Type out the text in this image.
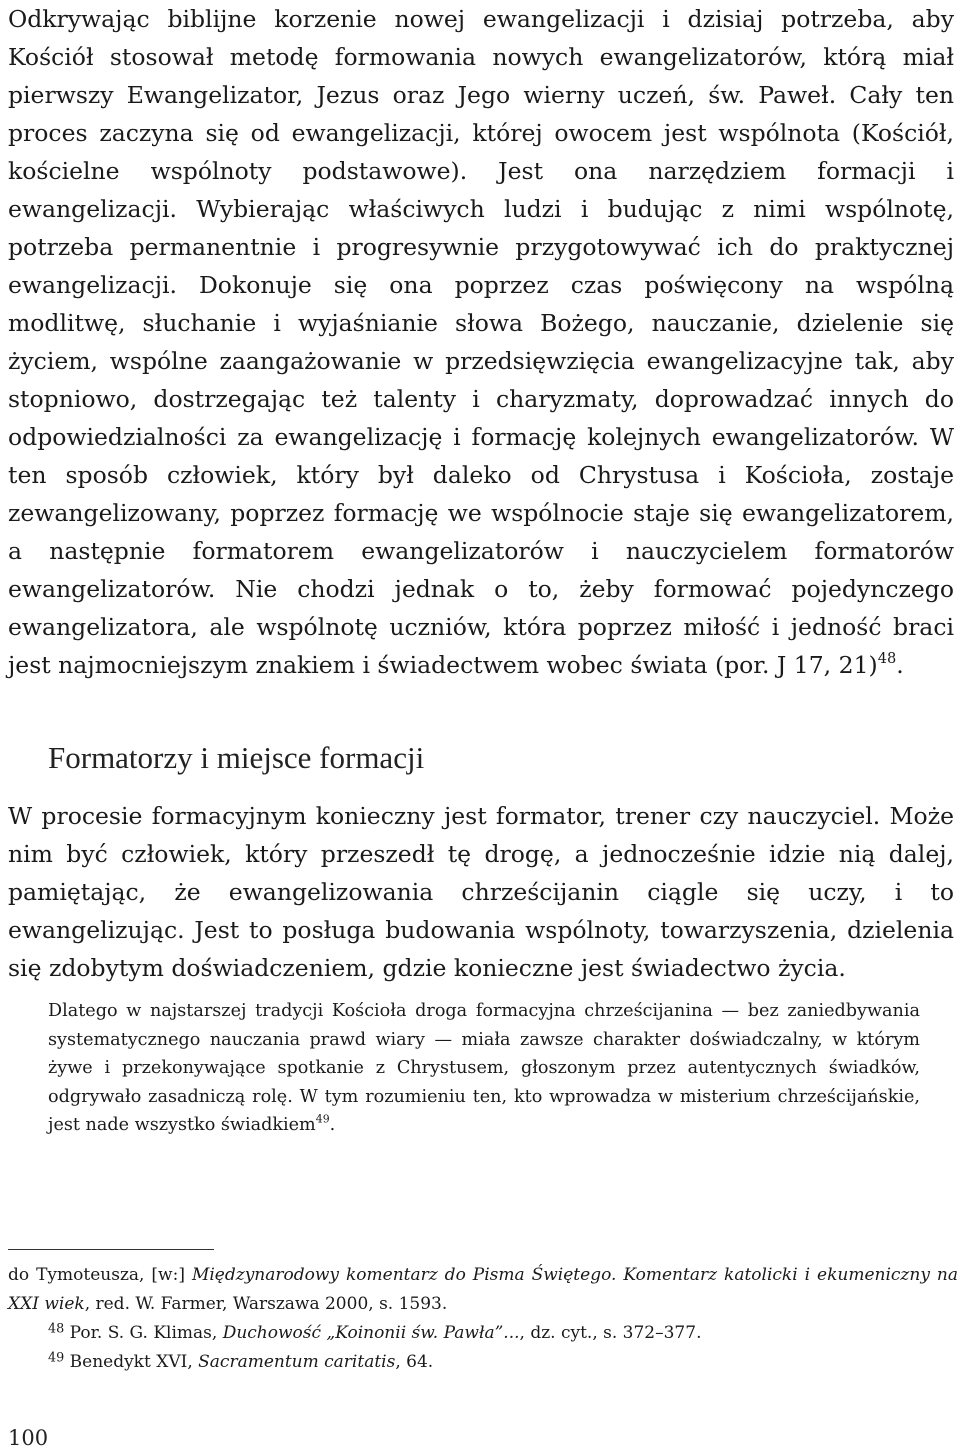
Odkrywając biblijne korzenie nowej ewangelizacji i dzisiaj potrzeba, aby Kościół stosował metodę formowania nowych ewangelizatorów, którą miał pierwszy Ewangelizator, Jezus oraz Jego wierny uczeń, św. Paweł. Cały ten proces zaczyna się od ewangelizacji, której owocem jest wspólnota (Kościół, kościelne wspólnoty podstawowe). Jest ona narzędziem formacji i ewangelizacji. Wybierając właściwych ludzi i budując z nimi wspólnotę, potrzeba permanentnie i progresywnie przygotowywać ich do praktycznej ewangelizacji. Dokonuje się ona poprzez czas poświęcony na wspólną modlitwę, słuchanie i wyjaśnianie słowa Bożego, nauczanie, dzielenie się życiem, wspólne zaangażowanie w przedsięwzięcia ewangelizacyjne tak, aby stopniowo, dostrzegając też talenty i charyzmaty, doprowadzać innych do odpowiedzialności za ewangelizację i formację kolejnych ewangelizatorów. W ten sposób człowiek, który był daleko od Chrystusa i Kościoła, zostaje zewangelizowany, poprzez formację we wspólnocie staje się ewangelizatorem, a następnie formatorem ewangelizatorów i nauczycielem formatorów ewangelizatorów. Nie chodzi jednak o to, żeby formować pojedynczego ewangelizatora, ale wspólnotę uczniów, która poprzez miłość i jedność braci jest najmocniejszym znakiem i świadectwem wobec świata (por. J 17, 21)$^{48}$.

Formatorzy i miejsce formacji

W procesie formacyjnym konieczny jest formator, trener czy nauczyciel. Może nim być człowiek, który przeszedł tę drogę, a jednocześnie idzie nią dalej, pamiętając, że ewangelizowania chrześcijanin ciągle się uczy, i to ewangelizując. Jest to posługa budowania wspólnoty, towarzyszenia, dzielenia się zdobytym doświadczeniem, gdzie konieczne jest świadectwo życia.

Dlatego w najstarszej tradycji Kościoła droga formacyjna chrześcijanina — bez zaniedbywania systematycznego nauczania prawd wiary — miała zawsze charakter doświadczalny, w którym żywe i przekonywające spotkanie z Chrystusem, głoszonym przez autentycznych świadków, odgrywało zasadniczą rolę. W tym rozumieniu ten, kto wprowadza w misterium chrześcijańskie, jest nade wszystko świadkiem$^{49}$.

do Tymoteusza, [w:] Międzynarodowy komentarz do Pisma Świętego. Komentarz katolicki i ekumeniczny na XXI wiek, red. W. Farmer, Warszawa 2000, s. 1593.

$^{48}$ Por. S. G. Klimas, Duchowość „Koinonii św. Pawła”..., dz. cyt., s. 372–377.

$^{49}$ Benedykt XVI, Sacramentum caritatis, 64.

100
